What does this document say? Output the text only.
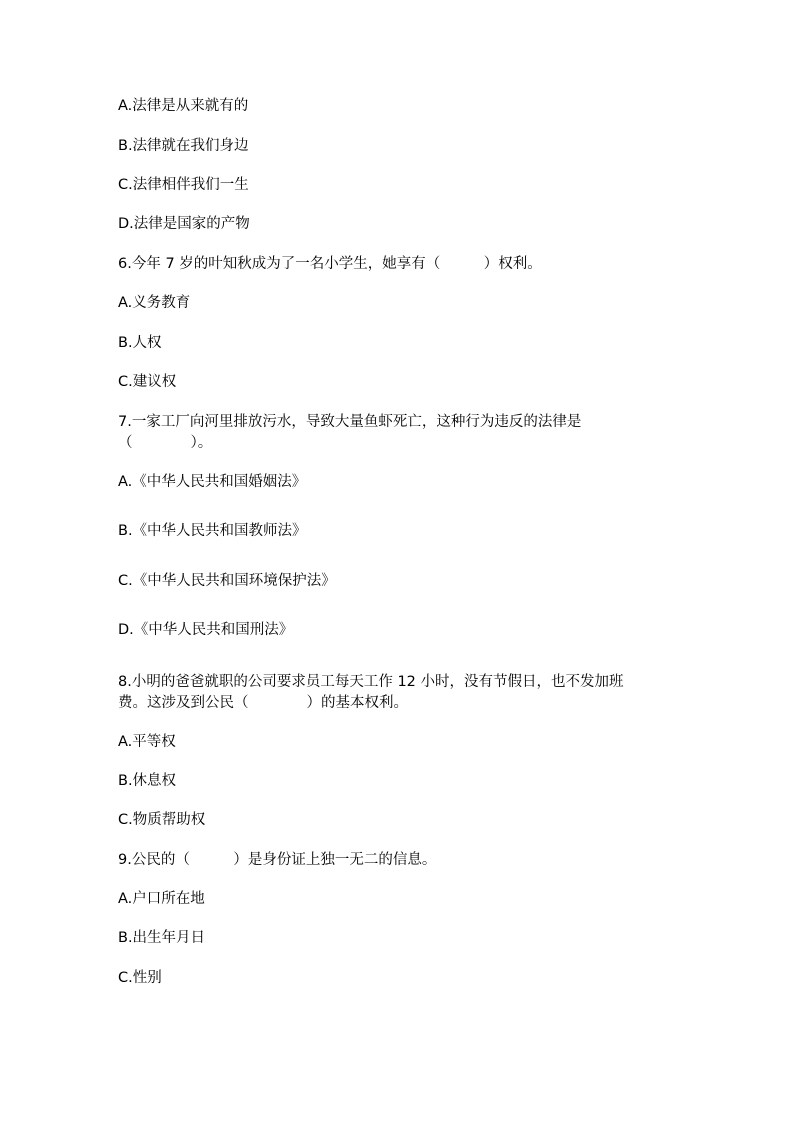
A.法律是从来就有的

B.法律就在我们身边

C.法律相伴我们一生

D.法律是国家的产物

6.今年 7 岁的叶知秋成为了一名小学生，她享有（　　　）权利。

A.义务教育

B.人权

C.建议权

7.一家工厂向河里排放污水，导致大量鱼虾死亡，这种行为违反的法律是

（　　　　）。

A.《中华人民共和国婚姻法》

B.《中华人民共和国教师法》

C.《中华人民共和国环境保护法》

D.《中华人民共和国刑法》

8.小明的爸爸就职的公司要求员工每天工作 12 小时，没有节假日，也不发加班

费。这涉及到公民（　　　　）的基本权利。

A.平等权

B.休息权

C.物质帮助权

9.公民的（　　　）是身份证上独一无二的信息。

A.户口所在地

B.出生年月日

C.性别
